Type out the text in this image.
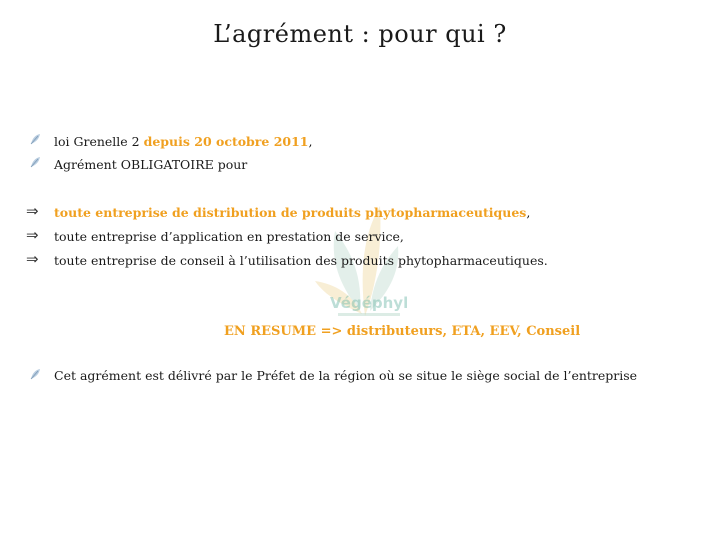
L’agrément : pour qui ?
Végéphyl
loi Grenelle 2 depuis 20 octobre 2011,
Agrément OBLIGATOIRE pour
⇒ toute entreprise de distribution de produits phytopharmaceutiques,
⇒ toute entreprise d’application en prestation de service,
⇒ toute entreprise de conseil à l’utilisation des produits phytopharmaceutiques.
EN RESUME => distributeurs, ETA, EEV, Conseil
Cet agrément est délivré par le Préfet de la région où se situe le siège social de l’entreprise
